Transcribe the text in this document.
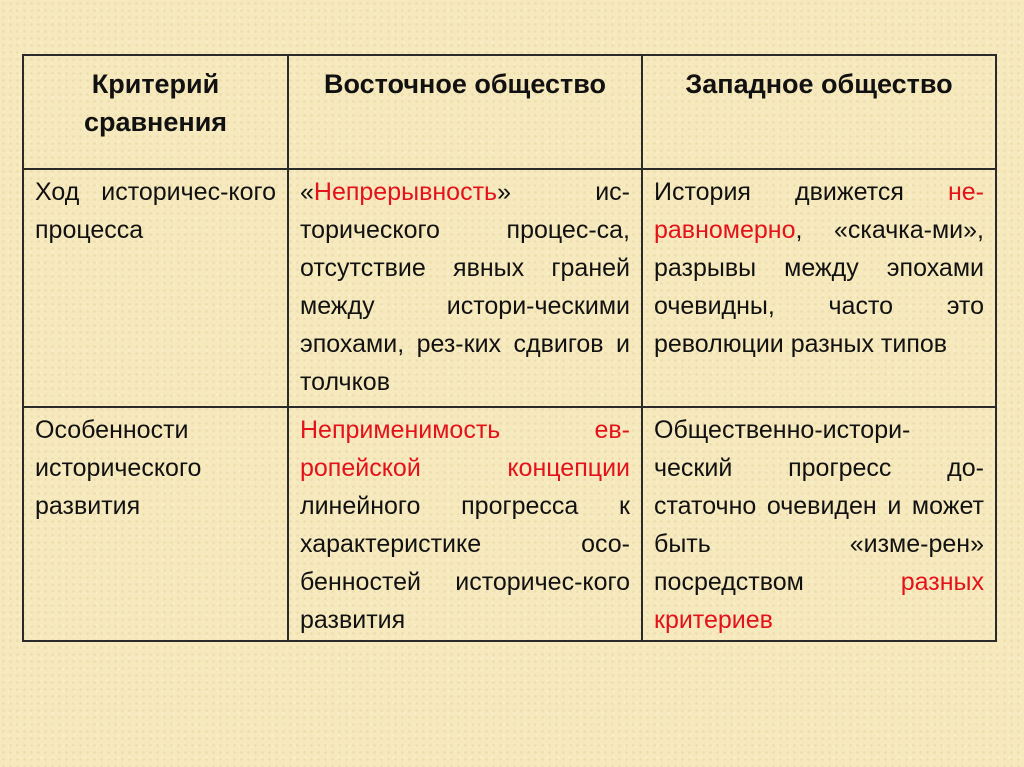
Критерий сравнения	Восточное общество	Западное общество
Ход историчес-кого процесса	«Непрерывность» ис-торического процес-са, отсутствие явных граней между истори-ческими эпохами, рез-ких сдвигов и толчков	История движется не-равномерно, «скачка-ми», разрывы между эпохами очевидны, часто это революции разных типов
Особенности исторического развития	Неприменимость ев-ропейской концепции линейного прогресса к характеристике осо-бенностей историчес-кого развития	Общественно-истори-ческий прогресс до-статочно очевиден и может быть «изме-рен» посредством разных критериев
